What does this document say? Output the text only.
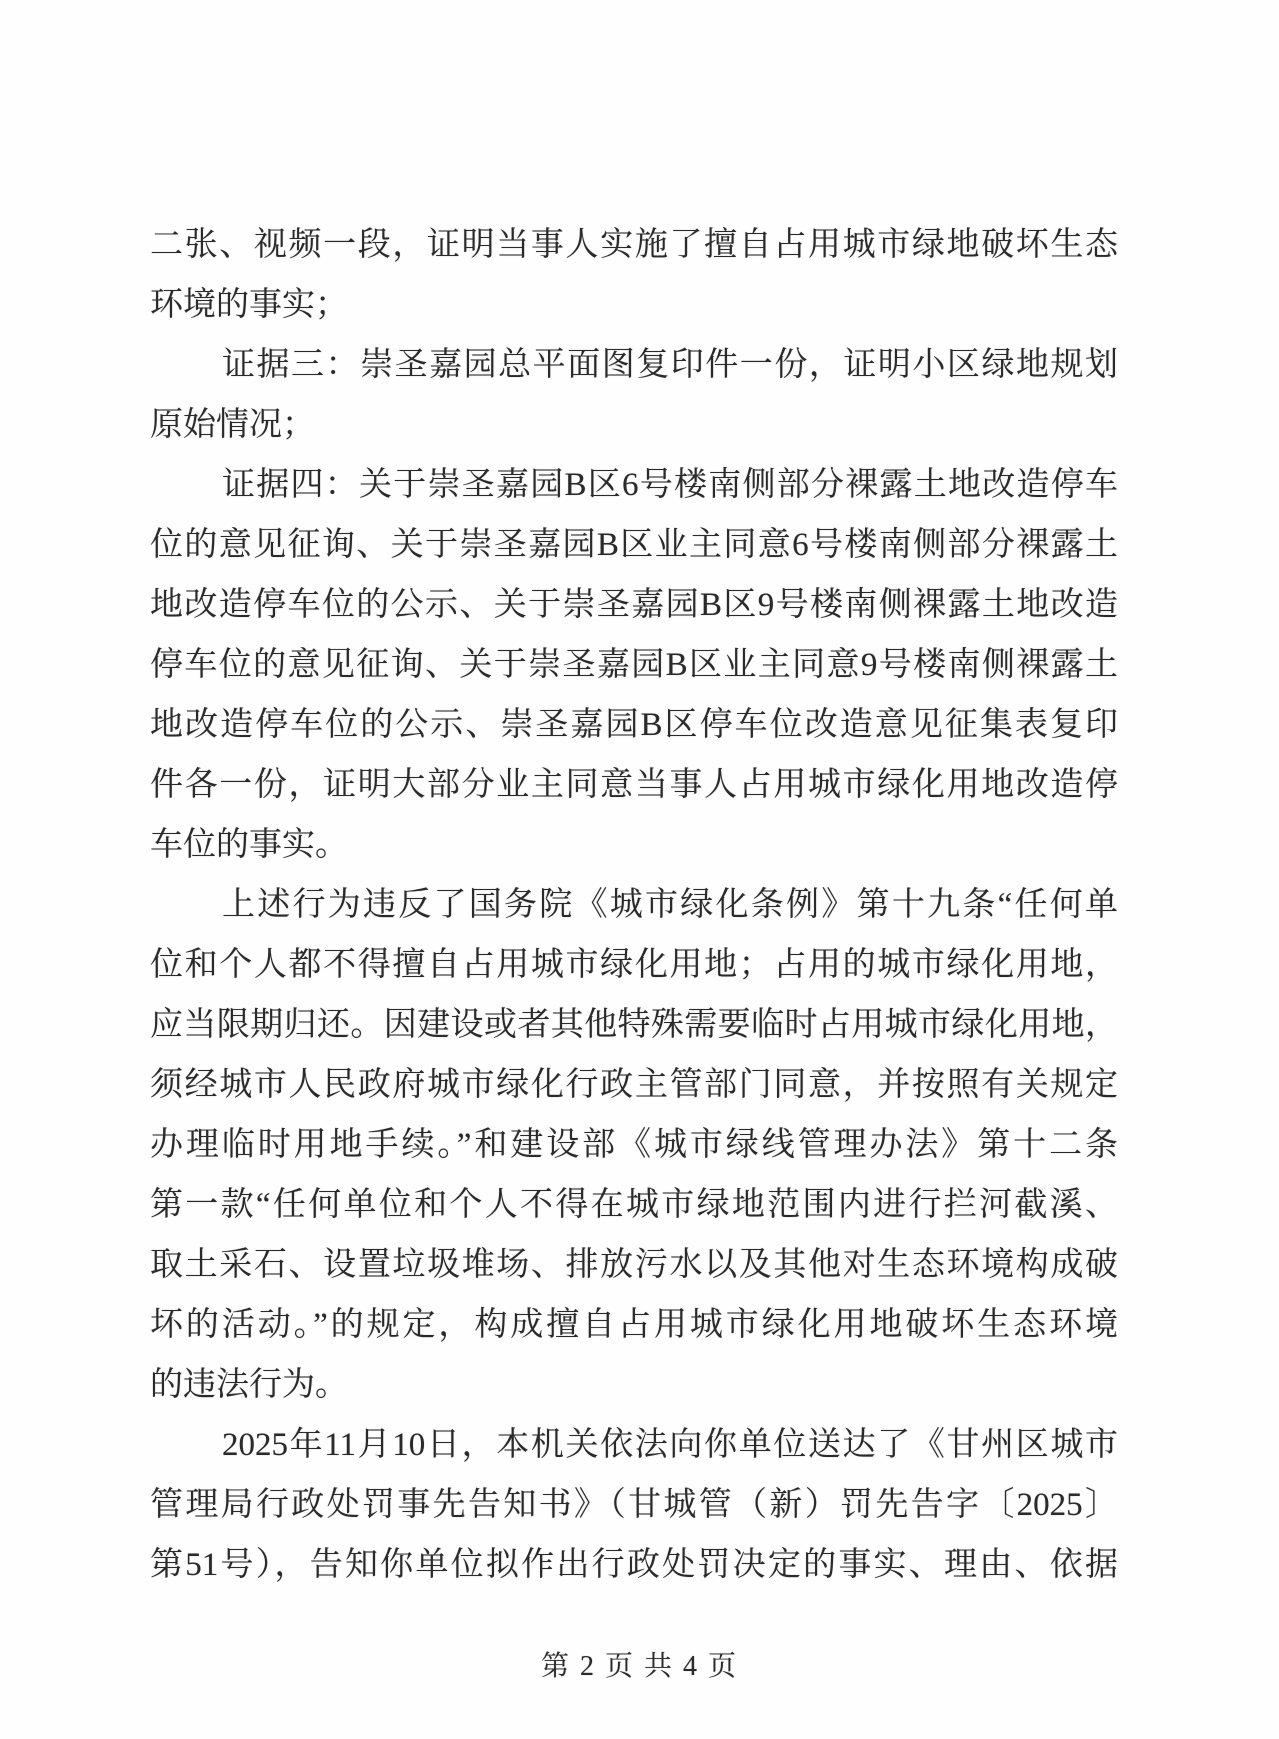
二张、视频一段，证明当事人实施了擅自占用城市绿地破坏生态
环境的事实；
证据三：崇圣嘉园总平面图复印件一份，证明小区绿地规划
原始情况；
证据四：关于崇圣嘉园B区6号楼南侧部分裸露土地改造停车
位的意见征询、关于崇圣嘉园B区业主同意6号楼南侧部分裸露土
地改造停车位的公示、关于崇圣嘉园B区9号楼南侧裸露土地改造
停车位的意见征询、关于崇圣嘉园B区业主同意9号楼南侧裸露土
地改造停车位的公示、崇圣嘉园B区停车位改造意见征集表复印
件各一份，证明大部分业主同意当事人占用城市绿化用地改造停
车位的事实。
上述行为违反了国务院《城市绿化条例》第十九条“任何单
位和个人都不得擅自占用城市绿化用地；占用的城市绿化用地，
应当限期归还。因建设或者其他特殊需要临时占用城市绿化用地，
须经城市人民政府城市绿化行政主管部门同意，并按照有关规定
办理临时用地手续。”和建设部《城市绿线管理办法》第十二条
第一款“任何单位和个人不得在城市绿地范围内进行拦河截溪、
取土采石、设置垃圾堆场、排放污水以及其他对生态环境构成破
坏的活动。”的规定，构成擅自占用城市绿化用地破坏生态环境
的违法行为。
2025年11月10日，本机关依法向你单位送达了《甘州区城市
管理局行政处罚事先告知书》（甘城管（新）罚先告字〔2025〕
第51号），告知你单位拟作出行政处罚决定的事实、理由、依据
第 2 页 共 4 页
